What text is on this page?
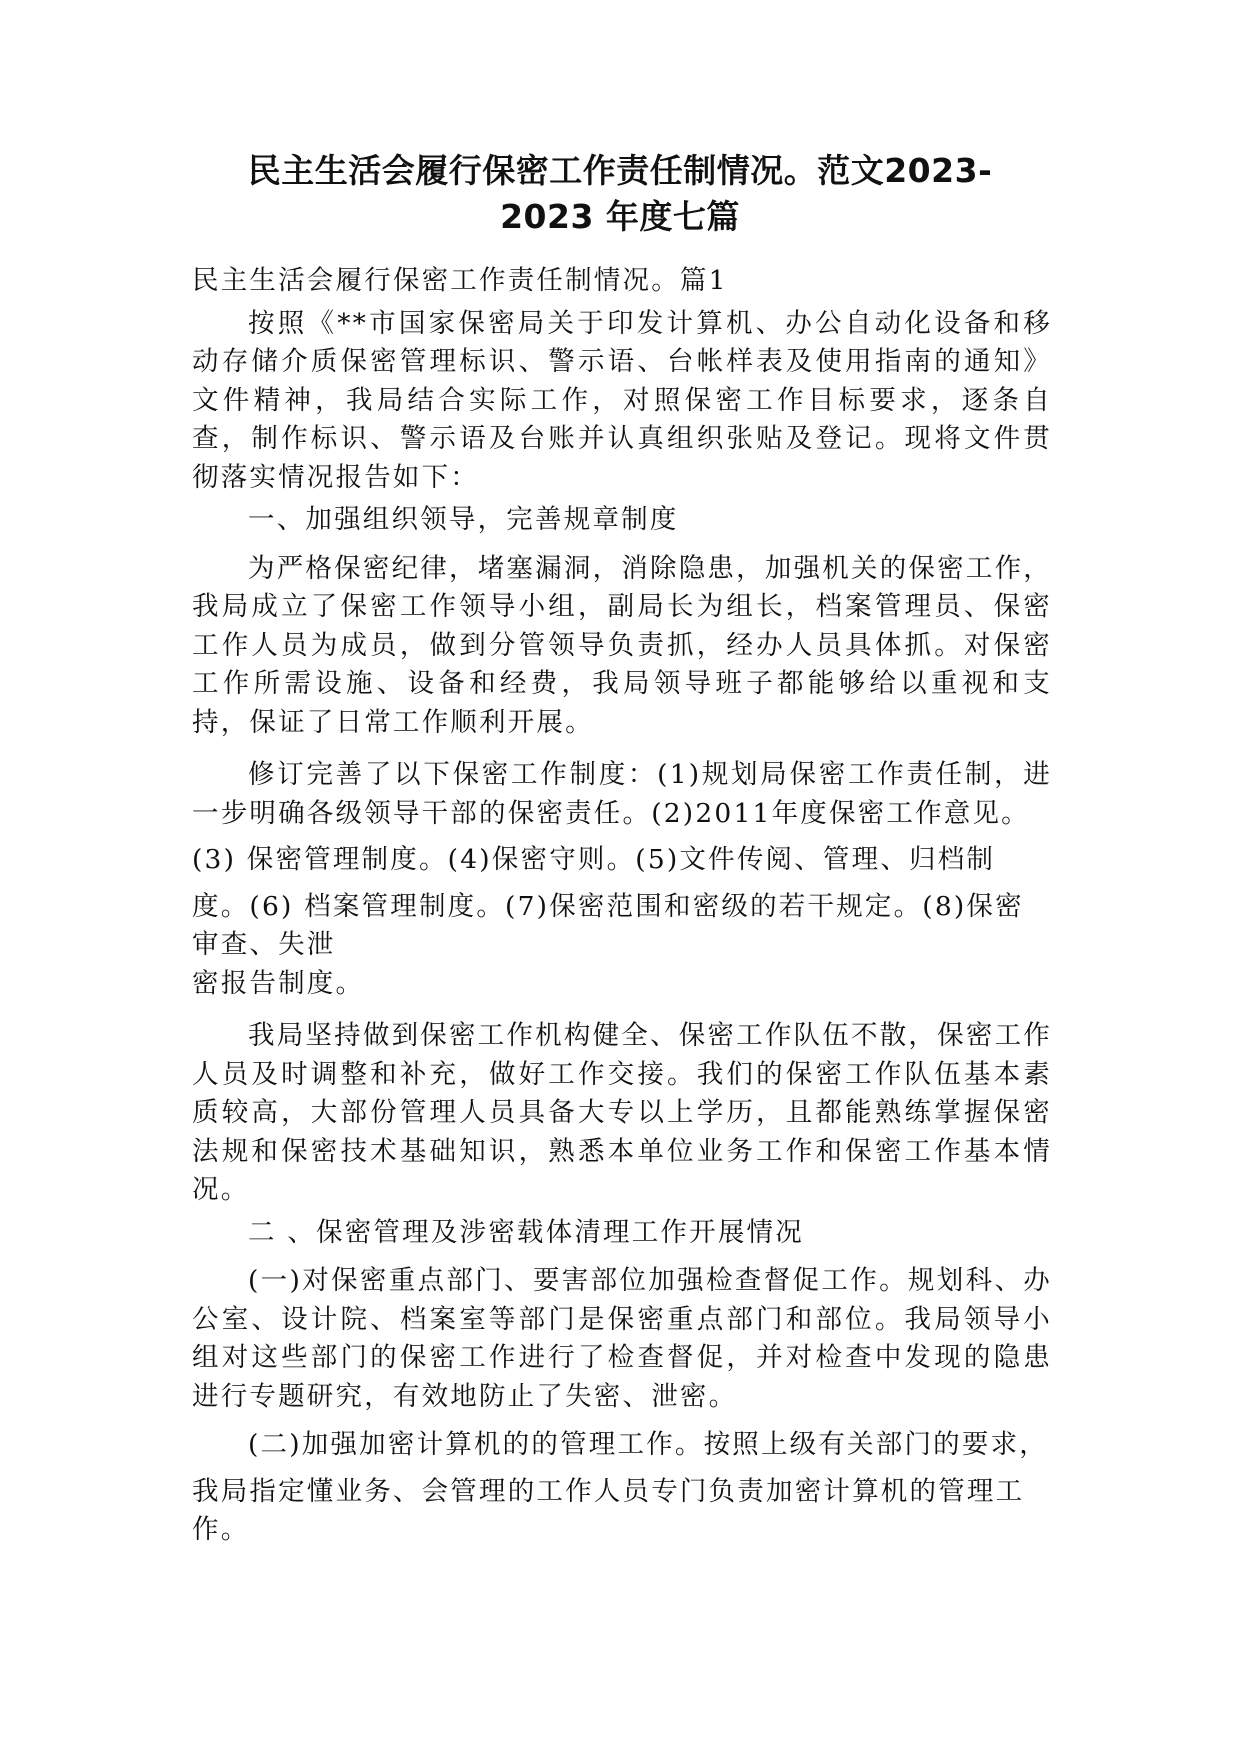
民主生活会履行保密工作责任制情况。范文2023-
2023 年度七篇

民主生活会履行保密工作责任制情况。篇1

按照《**市国家保密局关于印发计算机、办公自动化设备和移动存储介质保密管理标识、警示语、台帐样表及使用指南的通知》文件精神，我局结合实际工作，对照保密工作目标要求，逐条自查，制作标识、警示语及台账并认真组织张贴及登记。现将文件贯彻落实情况报告如下：

一、加强组织领导，完善规章制度

为严格保密纪律，堵塞漏洞，消除隐患，加强机关的保密工作，我局成立了保密工作领导小组，副局长为组长，档案管理员、保密工作人员为成员，做到分管领导负责抓，经办人员具体抓。对保密工作所需设施、设备和经费，我局领导班子都能够给以重视和支持，保证了日常工作顺利开展。

修订完善了以下保密工作制度：(1)规划局保密工作责任制，进一步明确各级领导干部的保密责任。(2)2011年度保密工作意见。

(3) 保密管理制度。(4)保密守则。(5)文件传阅、管理、归档制

度。(6) 档案管理制度。(7)保密范围和密级的若干规定。(8)保密审查、失泄

密报告制度。

我局坚持做到保密工作机构健全、保密工作队伍不散，保密工作人员及时调整和补充，做好工作交接。我们的保密工作队伍基本素质较高，大部份管理人员具备大专以上学历，且都能熟练掌握保密法规和保密技术基础知识，熟悉本单位业务工作和保密工作基本情况。

二 、保密管理及涉密载体清理工作开展情况

(一)对保密重点部门、要害部位加强检查督促工作。规划科、办公室、设计院、档案室等部门是保密重点部门和部位。我局领导小组对这些部门的保密工作进行了检查督促，并对检查中发现的隐患进行专题研究，有效地防止了失密、泄密。

(二)加强加密计算机的的管理工作。按照上级有关部门的要求，

我局指定懂业务、会管理的工作人员专门负责加密计算机的管理工作。
